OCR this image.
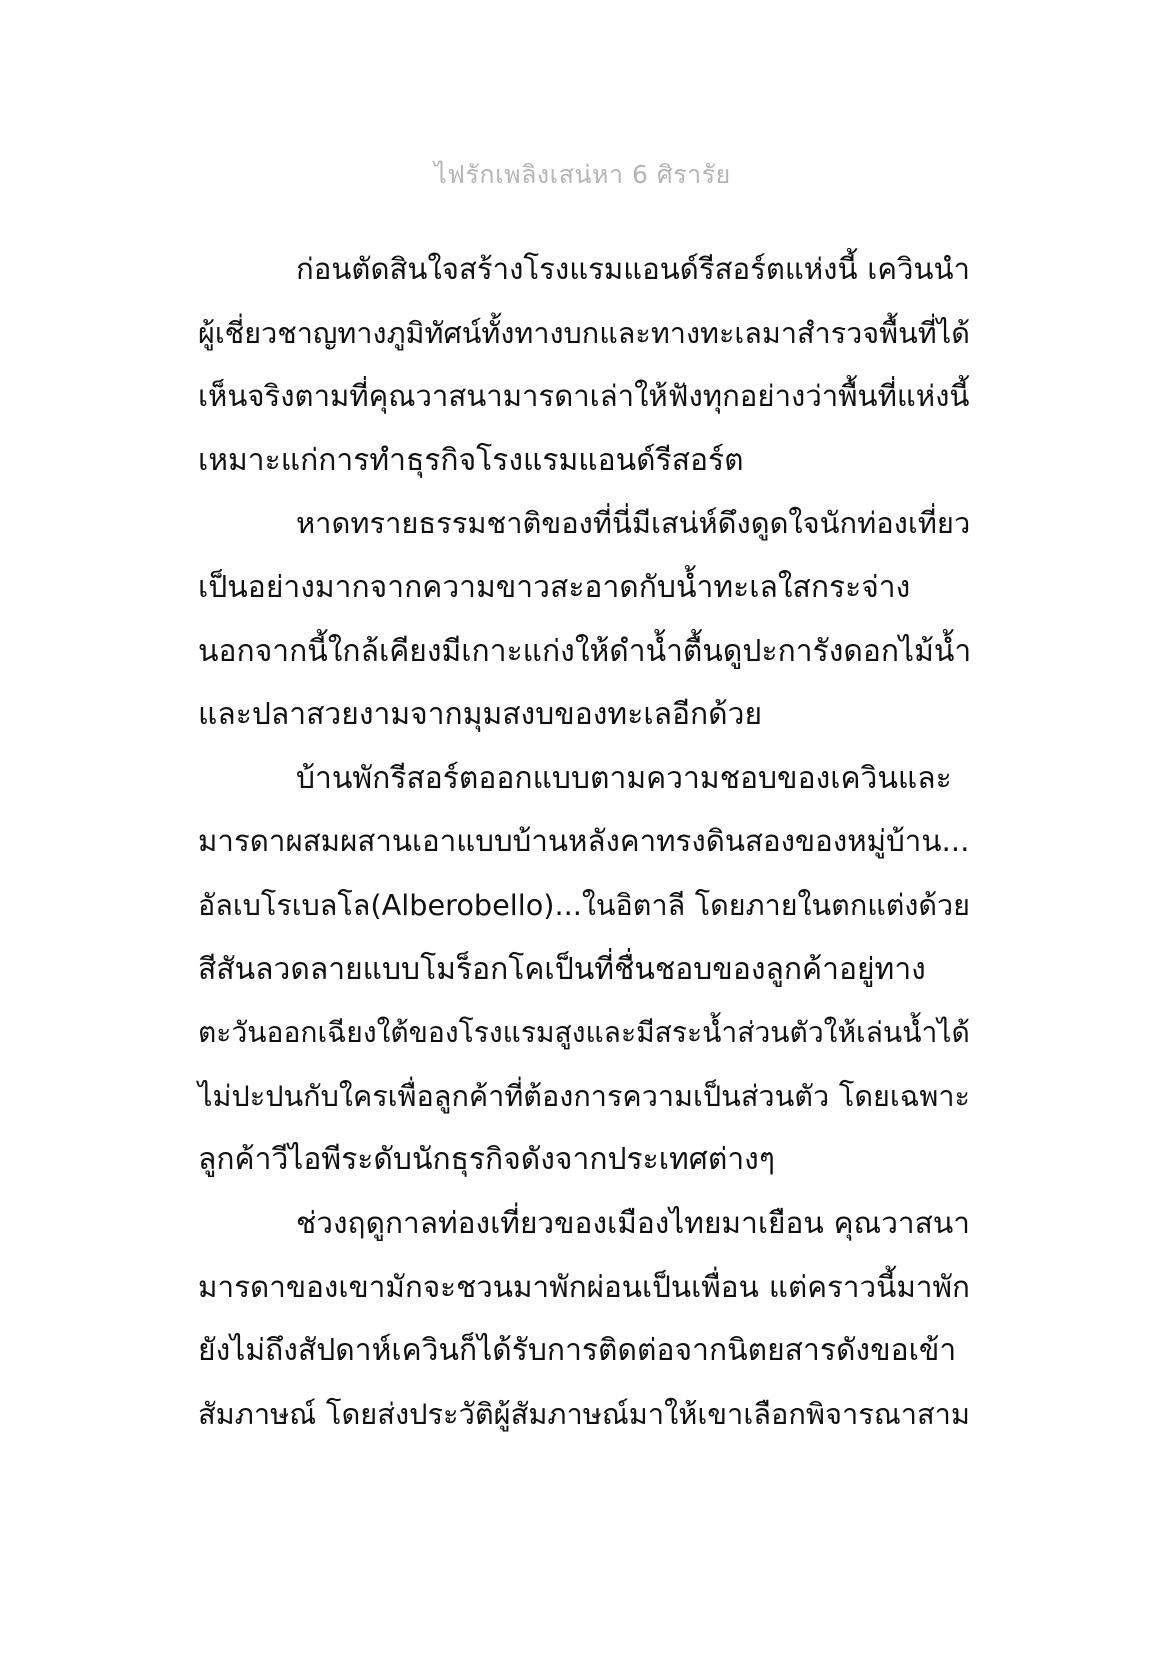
ไฟรักเพลิงเสน่หา 6 ศิรารัย
ก่อนตัดสินใจสร้างโรงแรมแอนด์รีสอร์ตแห่งนี้ เควินนำ
ผู้เชี่ยวชาญทางภูมิทัศน์ทั้งทางบกและทางทะเลมาสำรวจพื้นที่ได้
เห็นจริงตามที่คุณวาสนามารดาเล่าให้ฟังทุกอย่างว่าพื้นที่แห่งนี้
เหมาะแก่การทำธุรกิจโรงแรมแอนด์รีสอร์ต
หาดทรายธรรมชาติของที่นี่มีเสน่ห์ดึงดูดใจนักท่องเที่ยว
เป็นอย่างมากจากความขาวสะอาดกับน้ำทะเลใสกระจ่าง
นอกจากนี้ใกล้เคียงมีเกาะแก่งให้ดำน้ำตื้นดูปะการังดอกไม้น้ำ
และปลาสวยงามจากมุมสงบของทะเลอีกด้วย
บ้านพักรีสอร์ตออกแบบตามความชอบของเควินและ
มารดาผสมผสานเอาแบบบ้านหลังคาทรงดินสองของหมู่บ้าน...
อัลเบโรเบลโล(Alberobello)...ในอิตาลี โดยภายในตกแต่งด้วย
สีสันลวดลายแบบโมร็อกโคเป็นที่ชื่นชอบของลูกค้าอยู่ทาง
ตะวันออกเฉียงใต้ของโรงแรมสูงและมีสระน้ำส่วนตัวให้เล่นน้ำได้
ไม่ปะปนกับใครเพื่อลูกค้าที่ต้องการความเป็นส่วนตัว โดยเฉพาะ
ลูกค้าวีไอพีระดับนักธุรกิจดังจากประเทศต่างๆ
ช่วงฤดูกาลท่องเที่ยวของเมืองไทยมาเยือน คุณวาสนา
มารดาของเขามักจะชวนมาพักผ่อนเป็นเพื่อน แต่คราวนี้มาพัก
ยังไม่ถึงสัปดาห์เควินก็ได้รับการติดต่อจากนิตยสารดังขอเข้า
สัมภาษณ์ โดยส่งประวัติผู้สัมภาษณ์มาให้เขาเลือกพิจารณาสาม
